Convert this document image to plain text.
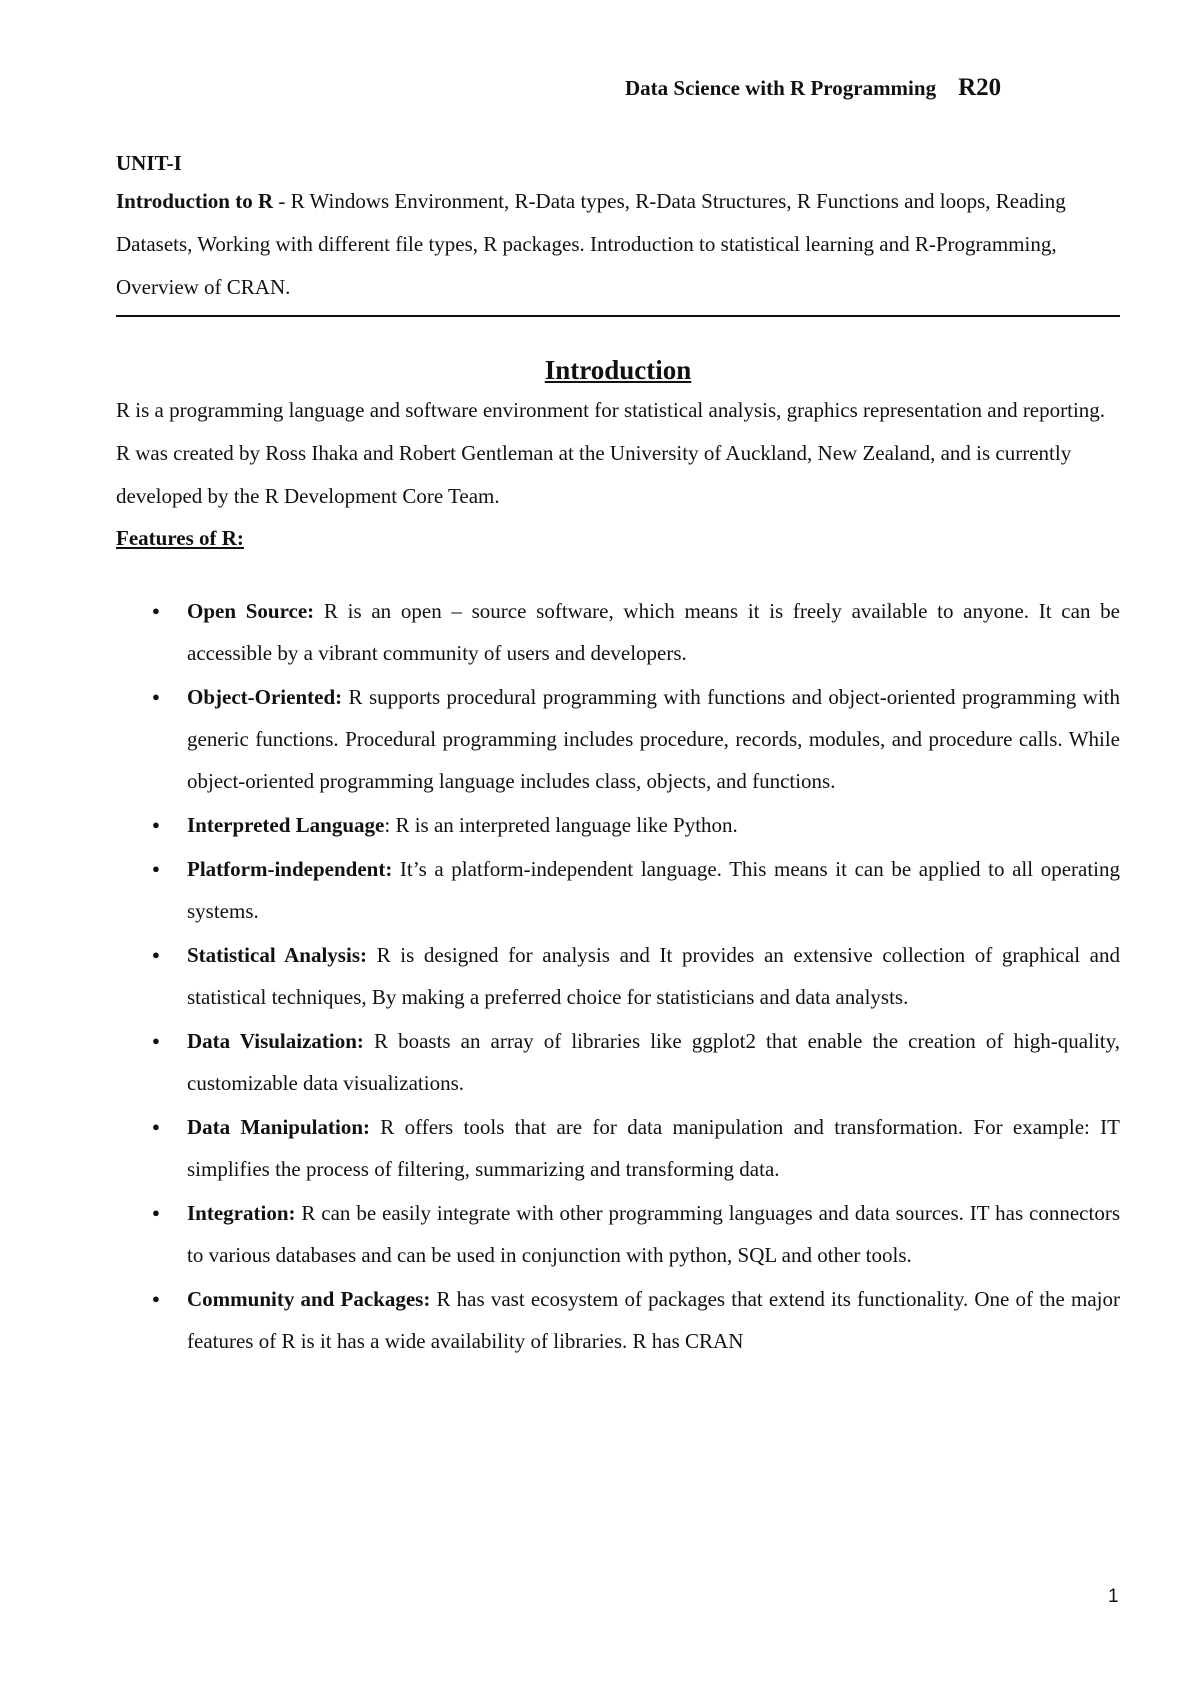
Data Science with R Programming R20
UNIT-I

Introduction to R - R Windows Environment, R-Data types, R-Data Structures, R Functions and loops, Reading Datasets, Working with different file types, R packages. Introduction to statistical learning and R-Programming, Overview of CRAN.

Introduction

R is a programming language and software environment for statistical analysis, graphics representation and reporting. R was created by Ross Ihaka and Robert Gentleman at the University of Auckland, New Zealand, and is currently developed by the R Development Core Team.

Features of R:
● Open Source: R is an open – source software, which means it is freely available to anyone. It can be accessible by a vibrant community of users and developers.
● Object-Oriented: R supports procedural programming with functions and object-oriented programming with generic functions. Procedural programming includes procedure, records, modules, and procedure calls. While object-oriented programming language includes class, objects, and functions.
● Interpreted Language: R is an interpreted language like Python.
● Platform-independent: It’s a platform-independent language. This means it can be applied to all operating systems.
● Statistical Analysis: R is designed for analysis and It provides an extensive collection of graphical and statistical techniques, By making a preferred choice for statisticians and data analysts.
● Data Visulaization: R boasts an array of libraries like ggplot2 that enable the creation of high-quality, customizable data visualizations.
● Data Manipulation: R offers tools that are for data manipulation and transformation. For example: IT simplifies the process of filtering, summarizing and transforming data.
● Integration: R can be easily integrate with other programming languages and data sources. IT has connectors to various databases and can be used in conjunction with python, SQL and other tools.
● Community and Packages: R has vast ecosystem of packages that extend its functionality. One of the major features of R is it has a wide availability of libraries. R has CRAN
1
